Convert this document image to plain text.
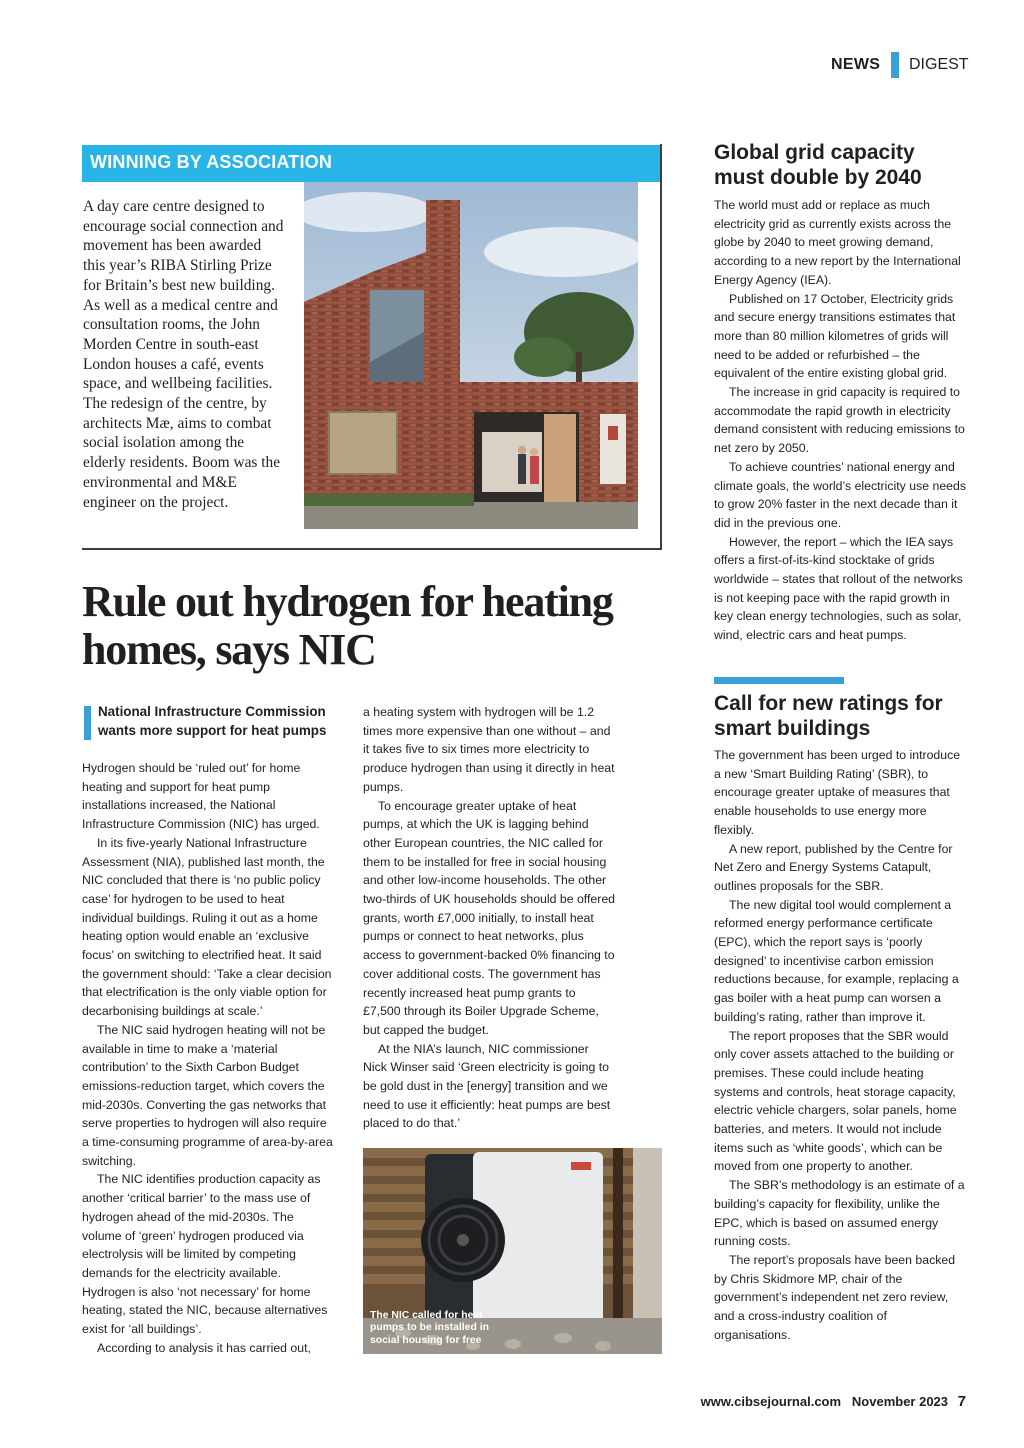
NEWS DIGEST
WINNING BY ASSOCIATION
A day care centre designed to encourage social connection and movement has been awarded this year’s RIBA Stirling Prize for Britain’s best new building. As well as a medical centre and consultation rooms, the John Morden Centre in south-east London houses a café, events space, and wellbeing facilities. The redesign of the centre, by architects Mæ, aims to combat social isolation among the elderly residents. Boom was the environmental and M&E engineer on the project.
Rule out hydrogen for heating homes, says NIC
National Infrastructure Commission wants more support for heat pumps

Hydrogen should be ‘ruled out’ for home heating and support for heat pump installations increased, the National Infrastructure Commission (NIC) has urged.

In its five-yearly National Infrastructure Assessment (NIA), published last month, the NIC concluded that there is ‘no public policy case’ for hydrogen to be used to heat individual buildings. Ruling it out as a home heating option would enable an ‘exclusive focus’ on switching to electrified heat. It said the government should: ‘Take a clear decision that electrification is the only viable option for decarbonising buildings at scale.’

The NIC said hydrogen heating will not be available in time to make a ‘material contribution’ to the Sixth Carbon Budget emissions-reduction target, which covers the mid-2030s. Converting the gas networks that serve properties to hydrogen will also require a time-consuming programme of area-by-area switching.

The NIC identifies production capacity as another ‘critical barrier’ to the mass use of hydrogen ahead of the mid-2030s. The volume of ‘green’ hydrogen produced via electrolysis will be limited by competing demands for the electricity available. Hydrogen is also ‘not necessary’ for home heating, stated the NIC, because alternatives exist for ‘all buildings’.

According to analysis it has carried out,

a heating system with hydrogen will be 1.2 times more expensive than one without – and it takes five to six times more electricity to produce hydrogen than using it directly in heat pumps.

To encourage greater uptake of heat pumps, at which the UK is lagging behind other European countries, the NIC called for them to be installed for free in social housing and other low-income households. The other two-thirds of UK households should be offered grants, worth £7,000 initially, to install heat pumps or connect to heat networks, plus access to government-backed 0% financing to cover additional costs. The government has recently increased heat pump grants to £7,500 through its Boiler Upgrade Scheme, but capped the budget.

At the NIA’s launch, NIC commissioner Nick Winser said ‘Green electricity is going to be gold dust in the [energy] transition and we need to use it efficiently: heat pumps are best placed to do that.’

The NIC called for heat pumps to be installed in social housing for free
Global grid capacity must double by 2040

The world must add or replace as much electricity grid as currently exists across the globe by 2040 to meet growing demand, according to a new report by the International Energy Agency (IEA).

Published on 17 October, Electricity grids and secure energy transitions estimates that more than 80 million kilometres of grids will need to be added or refurbished – the equivalent of the entire existing global grid.

The increase in grid capacity is required to accommodate the rapid growth in electricity demand consistent with reducing emissions to net zero by 2050.

To achieve countries’ national energy and climate goals, the world’s electricity use needs to grow 20% faster in the next decade than it did in the previous one.

However, the report – which the IEA says offers a first-of-its-kind stocktake of grids worldwide – states that rollout of the networks is not keeping pace with the rapid growth in key clean energy technologies, such as solar, wind, electric cars and heat pumps.

Call for new ratings for smart buildings

The government has been urged to introduce a new ‘Smart Building Rating’ (SBR), to encourage greater uptake of measures that enable households to use energy more flexibly.

A new report, published by the Centre for Net Zero and Energy Systems Catapult, outlines proposals for the SBR.

The new digital tool would complement a reformed energy performance certificate (EPC), which the report says is ‘poorly designed’ to incentivise carbon emission reductions because, for example, replacing a gas boiler with a heat pump can worsen a building’s rating, rather than improve it.

The report proposes that the SBR would only cover assets attached to the building or premises. These could include heating systems and controls, heat storage capacity, electric vehicle chargers, solar panels, home batteries, and meters. It would not include items such as ‘white goods’, which can be moved from one property to another.

The SBR’s methodology is an estimate of a building’s capacity for flexibility, unlike the EPC, which is based on assumed energy running costs.

The report’s proposals have been backed by Chris Skidmore MP, chair of the government’s independent net zero review, and a cross-industry coalition of organisations.

www.cibsejournal.com November 2023 7
